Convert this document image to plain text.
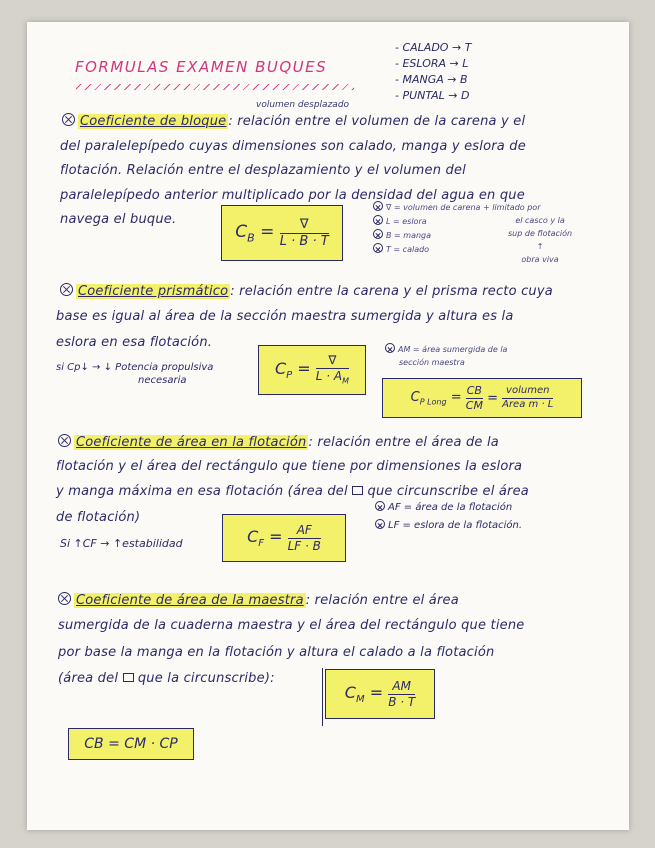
FORMULAS EXAMEN BUQUES
- CALADO → T
- ESLORA → L
- MANGA → B
- PUNTAL → D
volumen desplazado
Coeficiente de bloque : relación entre el volumen de la carena y el
del paralelepípedo cuyas dimensiones son calado, manga y eslora de
flotación. Relación entre el desplazamiento y el volumen del
paralelepípedo anterior multiplicado por la densidad del agua en que
navega el buque.
$C_B = \frac{\nabla}{L \cdot B \cdot T}$
∇ = volumen de carena + limitado por
L = eslora
B = manga
T = calado
el casco y la
sup de flotación
↑
obra viva
Coeficiente prismático : relación entre la carena y el prisma recto cuya
base es igual al área de la sección maestra sumergida y altura es la
eslora en esa flotación.
si Cp↓ → ↓ Potencia propulsiva
necesaria
$C_P = \frac{\nabla}{L \cdot A_M}$
AM = área sumergida de la
sección maestra
$C_{P Long} = \frac{CB}{CM} = \frac{\text{volumen}}{\text{Area m · L}}$
Coeficiente de área en la flotación : relación entre el área de la
flotación y el área del rectángulo que tiene por dimensiones la eslora
y manga máxima en esa flotación (área del que circunscribe el área
de flotación)
Si ↑CF → ↑estabilidad	$C_F = \frac{AF}{LF \cdot B}$
AF = área de la flotación
LF = eslora de la flotación.
Coeficiente de área de la maestra : relación entre el área
sumergida de la cuaderna maestra y el área del rectángulo que tiene
por base la manga en la flotación y altura el calado a la flotación
(área del que la circunscribe):
$C_M = \frac{AM}{B \cdot T}$
CB = CM · CP
